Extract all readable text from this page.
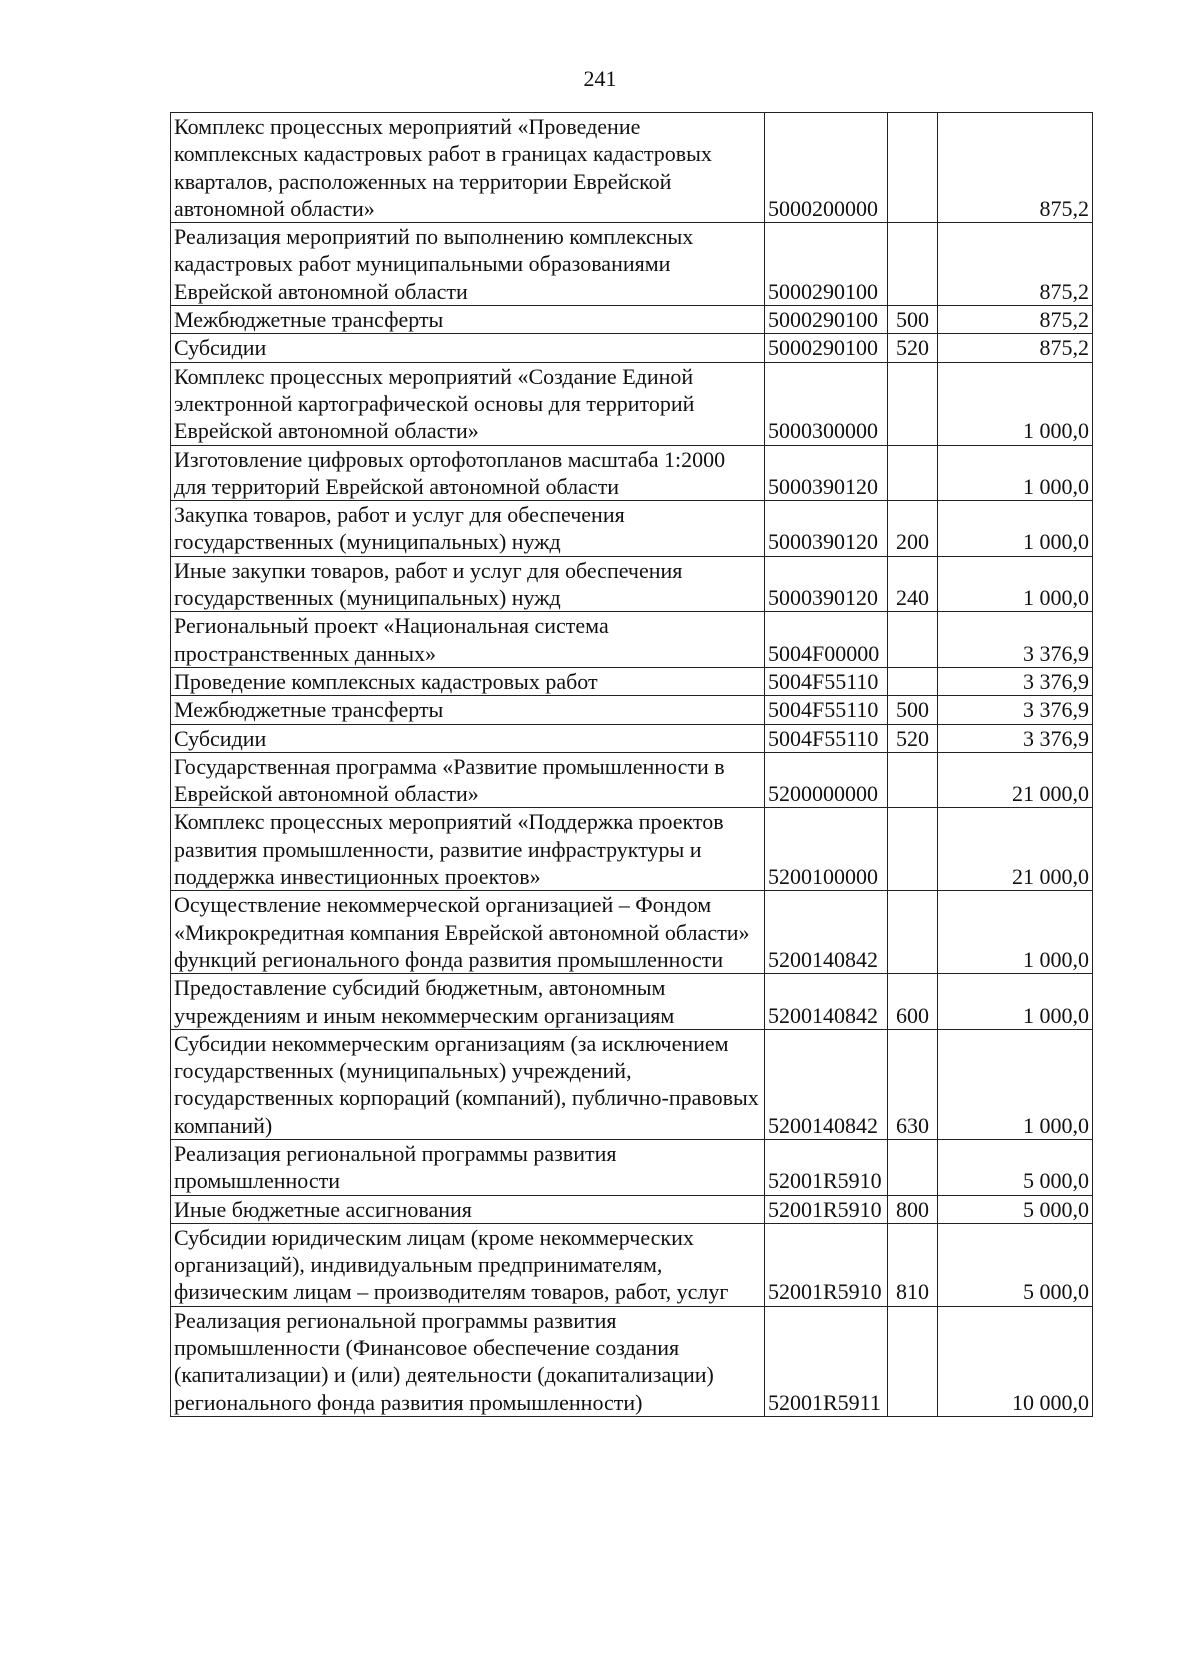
241
Комплекс процессных мероприятий «Проведение комплексных кадастровых работ в границах кадастровых кварталов, расположенных на территории Еврейской автономной области»	5000200000		875,2
Реализация мероприятий по выполнению комплексных кадастровых работ муниципальными образованиями Еврейской автономной области	5000290100		875,2
Межбюджетные трансферты	5000290100	500	875,2
Субсидии	5000290100	520	875,2
Комплекс процессных мероприятий «Создание Единой электронной картографической основы для территорий Еврейской автономной области»	5000300000		1 000,0
Изготовление цифровых ортофотопланов масштаба 1:2000 для территорий Еврейской автономной области	5000390120		1 000,0
Закупка товаров, работ и услуг для обеспечения государственных (муниципальных) нужд	5000390120	200	1 000,0
Иные закупки товаров, работ и услуг для обеспечения государственных (муниципальных) нужд	5000390120	240	1 000,0
Региональный проект «Национальная система пространственных данных»	5004F00000		3 376,9
Проведение комплексных кадастровых работ	5004F55110		3 376,9
Межбюджетные трансферты	5004F55110	500	3 376,9
Субсидии	5004F55110	520	3 376,9
Государственная программа «Развитие промышленности в Еврейской автономной области»	5200000000		21 000,0
Комплекс процессных мероприятий «Поддержка проектов развития промышленности, развитие инфраструктуры и поддержка инвестиционных проектов»	5200100000		21 000,0
Осуществление некоммерческой организацией – Фондом «Микрокредитная компания Еврейской автономной области» функций регионального фонда развития промышленности	5200140842		1 000,0
Предоставление субсидий бюджетным, автономным учреждениям и иным некоммерческим организациям	5200140842	600	1 000,0
Субсидии некоммерческим организациям (за исключением государственных (муниципальных) учреждений, государственных корпораций (компаний), публично-правовых компаний)	5200140842	630	1 000,0
Реализация региональной программы развития промышленности	52001R5910		5 000,0
Иные бюджетные ассигнования	52001R5910	800	5 000,0
Субсидии юридическим лицам (кроме некоммерческих организаций), индивидуальным предпринимателям, физическим лицам – производителям товаров, работ, услуг	52001R5910	810	5 000,0
Реализация региональной программы развития промышленности (Финансовое обеспечение создания (капитализации) и (или) деятельности (докапитализации) регионального фонда развития промышленности)	52001R5911		10 000,0
